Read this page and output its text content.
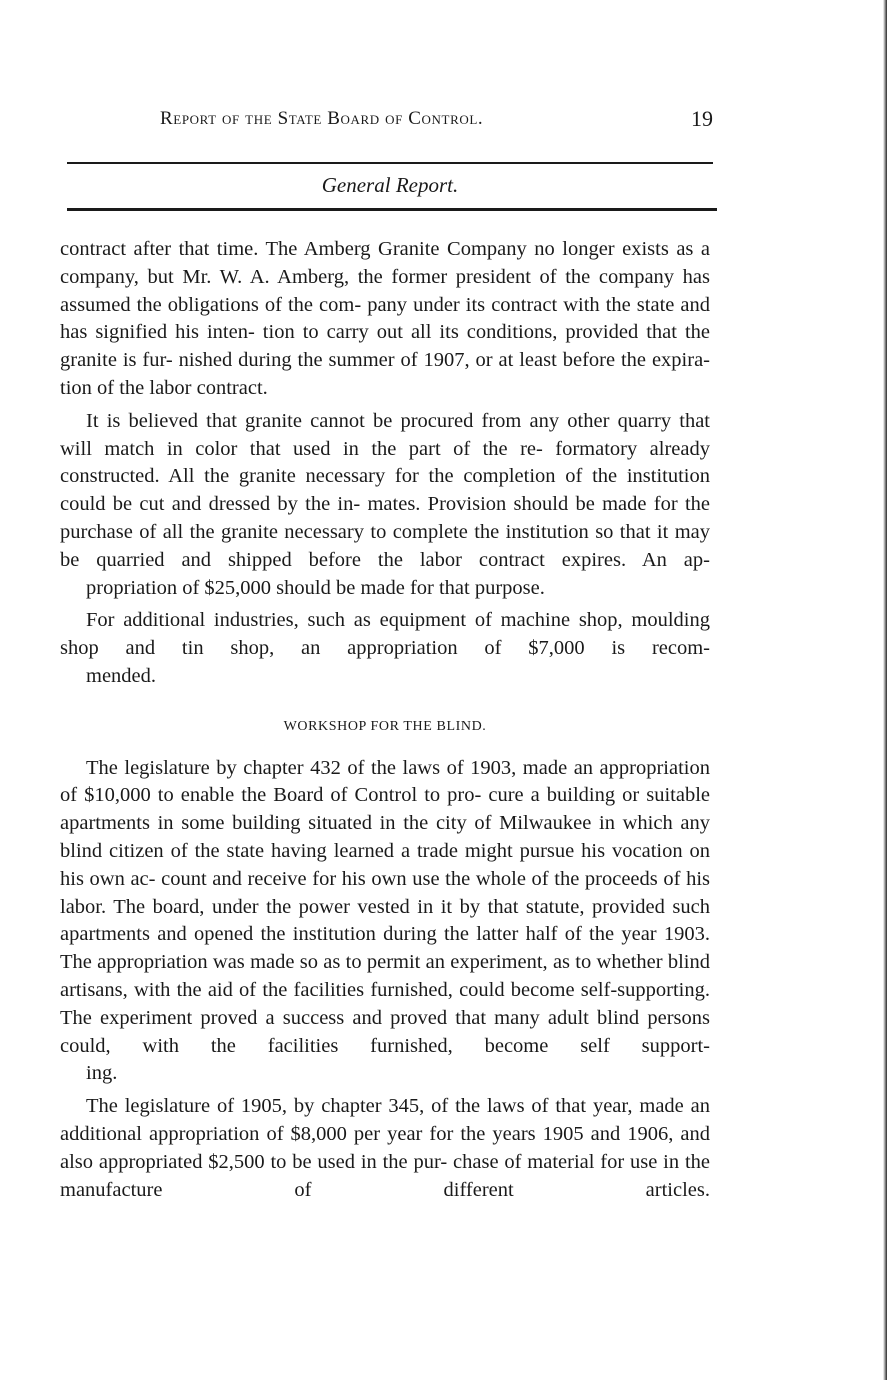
Report of the State Board of Control.	19
General Report.

contract after that time. The Amberg Granite Company no longer exists as a company, but Mr. W. A. Amberg, the former president of the company has assumed the obligations of the com- pany under its contract with the state and has signified his inten- tion to carry out all its conditions, provided that the granite is fur- nished during the summer of 1907, or at least before the expira-
tion of the labor contract.

It is believed that granite cannot be procured from any other quarry that will match in color that used in the part of the re- formatory already constructed. All the granite necessary for the completion of the institution could be cut and dressed by the in- mates. Provision should be made for the purchase of all the granite necessary to complete the institution so that it may be quarried and shipped before the labor contract expires. An ap-
propriation of $25,000 should be made for that purpose.

For additional industries, such as equipment of machine shop, moulding shop and tin shop, an appropriation of $7,000 is recom-
mended.

WORKSHOP FOR THE BLIND.

The legislature by chapter 432 of the laws of 1903, made an appropriation of $10,000 to enable the Board of Control to pro- cure a building or suitable apartments in some building situated in the city of Milwaukee in which any blind citizen of the state having learned a trade might pursue his vocation on his own ac- count and receive for his own use the whole of the proceeds of his labor. The board, under the power vested in it by that statute, provided such apartments and opened the institution during the latter half of the year 1903. The appropriation was made so as to permit an experiment, as to whether blind artisans, with the aid of the facilities furnished, could become self-supporting. The experiment proved a success and proved that many adult blind persons could, with the facilities furnished, become self support-
ing.

The legislature of 1905, by chapter 345, of the laws of that year, made an additional appropriation of $8,000 per year for the years 1905 and 1906, and also appropriated $2,500 to be used in the pur- chase of material for use in the manufacture of different articles.
